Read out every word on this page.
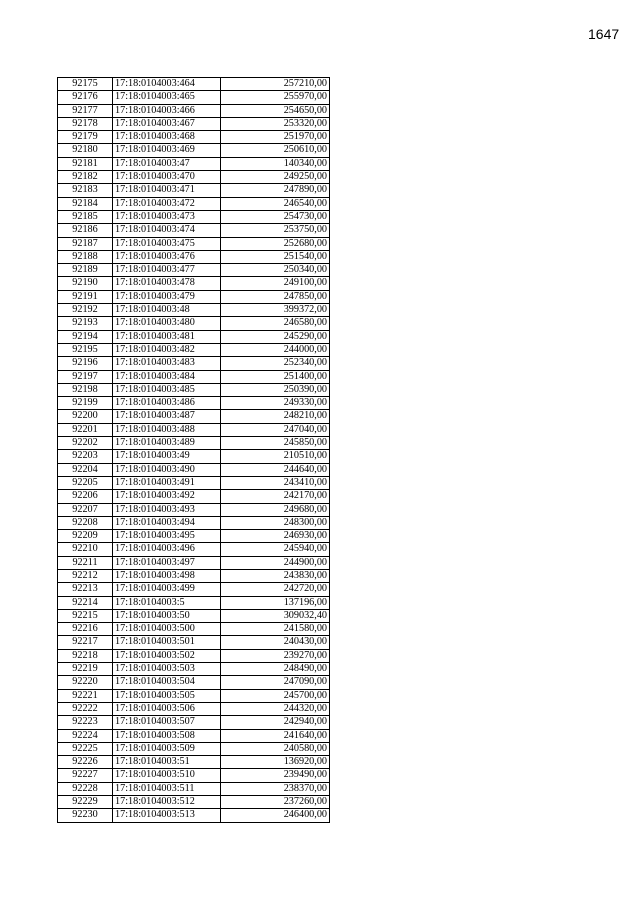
1647
92175	17:18:0104003:464	257210,00
92176	17:18:0104003:465	255970,00
92177	17:18:0104003:466	254650,00
92178	17:18:0104003:467	253320,00
92179	17:18:0104003:468	251970,00
92180	17:18:0104003:469	250610,00
92181	17:18:0104003:47	140340,00
92182	17:18:0104003:470	249250,00
92183	17:18:0104003:471	247890,00
92184	17:18:0104003:472	246540,00
92185	17:18:0104003:473	254730,00
92186	17:18:0104003:474	253750,00
92187	17:18:0104003:475	252680,00
92188	17:18:0104003:476	251540,00
92189	17:18:0104003:477	250340,00
92190	17:18:0104003:478	249100,00
92191	17:18:0104003:479	247850,00
92192	17:18:0104003:48	399372,00
92193	17:18:0104003:480	246580,00
92194	17:18:0104003:481	245290,00
92195	17:18:0104003:482	244000,00
92196	17:18:0104003:483	252340,00
92197	17:18:0104003:484	251400,00
92198	17:18:0104003:485	250390,00
92199	17:18:0104003:486	249330,00
92200	17:18:0104003:487	248210,00
92201	17:18:0104003:488	247040,00
92202	17:18:0104003:489	245850,00
92203	17:18:0104003:49	210510,00
92204	17:18:0104003:490	244640,00
92205	17:18:0104003:491	243410,00
92206	17:18:0104003:492	242170,00
92207	17:18:0104003:493	249680,00
92208	17:18:0104003:494	248300,00
92209	17:18:0104003:495	246930,00
92210	17:18:0104003:496	245940,00
92211	17:18:0104003:497	244900,00
92212	17:18:0104003:498	243830,00
92213	17:18:0104003:499	242720,00
92214	17:18:0104003:5	137196,00
92215	17:18:0104003:50	309032,40
92216	17:18:0104003:500	241580,00
92217	17:18:0104003:501	240430,00
92218	17:18:0104003:502	239270,00
92219	17:18:0104003:503	248490,00
92220	17:18:0104003:504	247090,00
92221	17:18:0104003:505	245700,00
92222	17:18:0104003:506	244320,00
92223	17:18:0104003:507	242940,00
92224	17:18:0104003:508	241640,00
92225	17:18:0104003:509	240580,00
92226	17:18:0104003:51	136920,00
92227	17:18:0104003:510	239490,00
92228	17:18:0104003:511	238370,00
92229	17:18:0104003:512	237260,00
92230	17:18:0104003:513	246400,00
